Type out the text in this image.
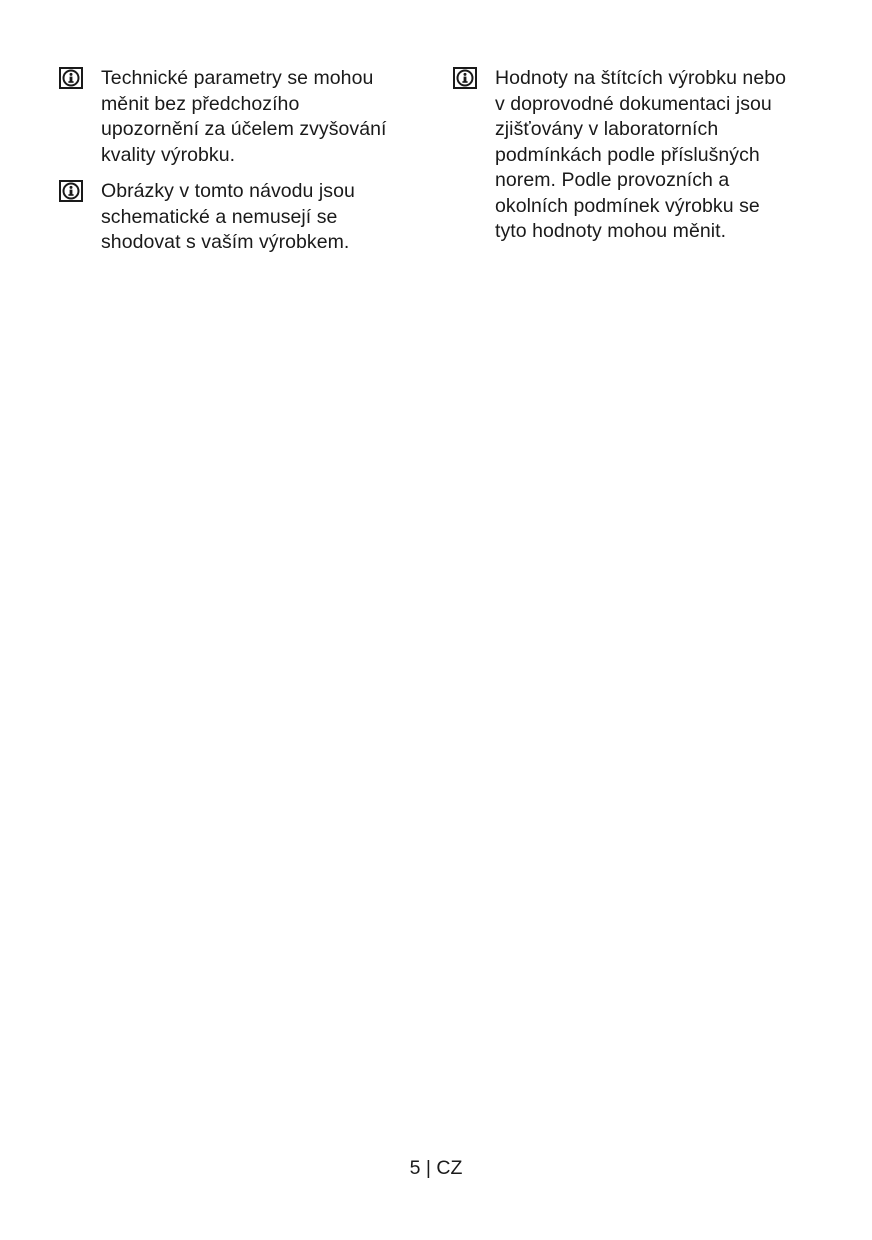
Technické parametry se mohou
měnit bez předchozího
upozornění za účelem zvyšování
kvality výrobku.
Obrázky v tomto návodu jsou
schematické a nemusejí se
shodovat s vaším výrobkem.
Hodnoty na štítcích výrobku nebo
v doprovodné dokumentaci jsou
zjišťovány v laboratorních
podmínkách podle příslušných
norem. Podle provozních a
okolních podmínek výrobku se
tyto hodnoty mohou měnit.
5 | CZ
